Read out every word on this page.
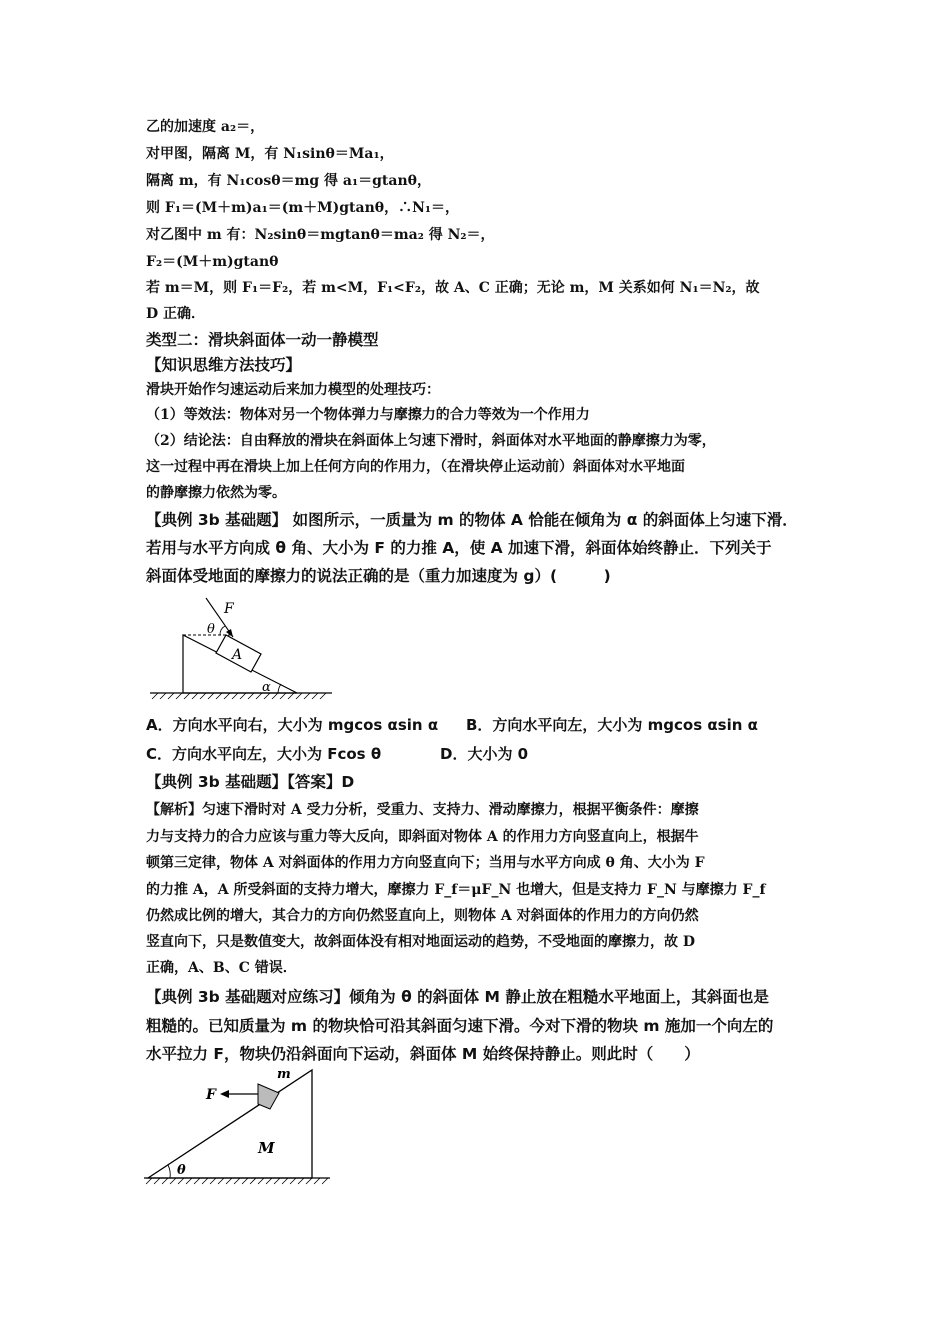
乙的加速度 a₂＝，
对甲图，隔离 M，有 N₁sinθ＝Ma₁，
隔离 m，有 N₁cosθ＝mg 得 a₁＝gtanθ，
则 F₁＝(M＋m)a₁＝(m＋M)gtanθ，∴N₁＝，
对乙图中 m 有：N₂sinθ＝mgtanθ＝ma₂ 得 N₂＝，
F₂＝(M＋m)gtanθ
若 m＝M，则 F₁＝F₂，若 m<M，F₁<F₂，故 A、C 正确；无论 m，M 关系如何 N₁＝N₂，故
D 正确．
类型二：滑块斜面体一动一静模型
【知识思维方法技巧】
滑块开始作匀速运动后来加力模型的处理技巧：
（1）等效法：物体对另一个物体弹力与摩擦力的合力等效为一个作用力
（2）结论法：自由释放的滑块在斜面体上匀速下滑时，斜面体对水平地面的静摩擦力为零，
这一过程中再在滑块上加上任何方向的作用力，（在滑块停止运动前）斜面体对水平地面
的静摩擦力依然为零。
【典例 3b 基础题】 如图所示，一质量为 m 的物体 A 恰能在倾角为 α 的斜面体上匀速下滑．
若用与水平方向成 θ 角、大小为 F 的力推 A，使 A 加速下滑，斜面体始终静止．下列关于
斜面体受地面的摩擦力的说法正确的是（重力加速度为 g）(　　　)
F
θ
A
α
A．方向水平向右，大小为 mgcos αsin α B．方向水平向左，大小为 mgcos αsin α
C．方向水平向左，大小为 Fcos θ	D．大小为 0
【典例 3b 基础题】【答案】D
【解析】匀速下滑时对 A 受力分析，受重力、支持力、滑动摩擦力，根据平衡条件：摩擦
力与支持力的合力应该与重力等大反向，即斜面对物体 A 的作用力方向竖直向上，根据牛
顿第三定律，物体 A 对斜面体的作用力方向竖直向下；当用与水平方向成 θ 角、大小为 F
的力推 A，A 所受斜面的支持力增大，摩擦力 F_f＝μF_N 也增大，但是支持力 F_N 与摩擦力 F_f
仍然成比例的增大，其合力的方向仍然竖直向上，则物体 A 对斜面体的作用力的方向仍然
竖直向下，只是数值变大，故斜面体没有相对地面运动的趋势，不受地面的摩擦力，故 D
正确，A、B、C 错误．
【典例 3b 基础题对应练习】倾角为 θ 的斜面体 M 静止放在粗糙水平地面上，其斜面也是
粗糙的。已知质量为 m 的物块恰可沿其斜面匀速下滑。今对下滑的物块 m 施加一个向左的
水平拉力 F，物块仍沿斜面向下运动，斜面体 M 始终保持静止。则此时（　　）
F
m
M
θ
